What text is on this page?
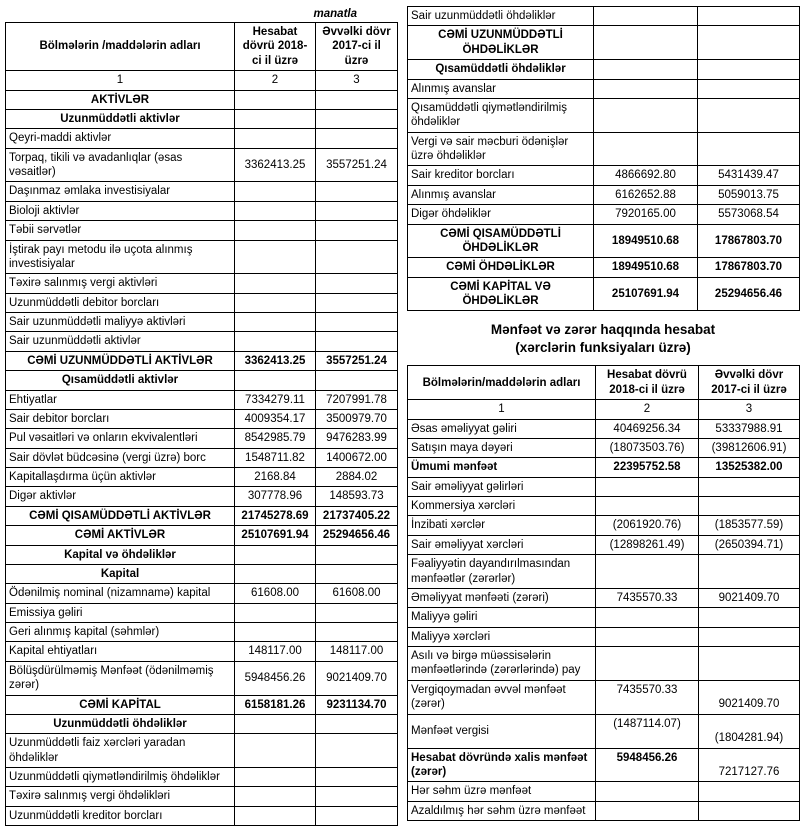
manatla
Bölmələrin /maddələrin adları	Hesabat dövrü 2018-ci il üzrə	Əvvəlki dövr 2017-ci il üzrə
1	2	3
AKTİVLƏR		
Uzunmüddətli aktivlər		
Qeyri-maddi aktivlər		
Torpaq, tikili və avadanlıqlar (əsas vəsaitlər)	3362413.25	3557251.24
Daşınmaz əmlaka investisiyalar		
Bioloji aktivlər		
Təbii sərvətlər		
İştirak payı metodu ilə uçota alınmış investisiyalar		
Təxirə salınmış vergi aktivləri		
Uzunmüddətli debitor borcları		
Sair uzunmüddətli maliyyə aktivləri		
Sair uzunmüddətli aktivlər		
CƏMİ UZUNMÜDDƏTLİ AKTİVLƏR	3362413.25	3557251.24
Qısamüddətli aktivlər		
Ehtiyatlar	7334279.11	7207991.78
Sair debitor borcları	4009354.17	3500979.70
Pul vəsaitləri və onların ekvivalentləri	8542985.79	9476283.99
Sair dövlət büdcəsinə (vergi üzrə) borc	1548711.82	1400672.00
Kapitallaşdırma üçün aktivlər	2168.84	2884.02
Digər aktivlər	307778.96	148593.73
CƏMİ QISAMÜDDƏTLİ AKTİVLƏR	21745278.69	21737405.22
CƏMİ AKTİVLƏR	25107691.94	25294656.46
Kapital və öhdəliklər		
Kapital		
Ödənilmiş nominal (nizamnamə) kapital	61608.00	61608.00
Emissiya gəliri		
Geri alınmış kapital (səhmlər)		
Kapital ehtiyatları	148117.00	148117.00
Bölüşdürülməmiş Mənfəət (ödənilməmiş zərər)	5948456.26	9021409.70
CƏMİ KAPİTAL	6158181.26	9231134.70
Uzunmüddətli öhdəliklər		
Uzunmüddətli faiz xərcləri yaradan öhdəliklər		
Uzunmüddətli qiymətləndirilmiş öhdəliklər		
Təxirə salınmış vergi öhdəlikləri		
Uzunmüddətli kreditor borcları		
Sair uzunmüddətli öhdəliklər		
CƏMİ UZUNMÜDDƏTLİ ÖHDƏLİKLƏR		
Qısamüddətli öhdəliklər		
Alınmış avanslar		
Qısamüddətli qiymətləndirilmiş öhdəliklər		
Vergi və sair məcburi ödənişlər üzrə öhdəliklər		
Sair kreditor borcları	4866692.80	5431439.47
Alınmış avanslar	6162652.88	5059013.75
Digər öhdəliklər	7920165.00	5573068.54
CƏMİ QISAMÜDDƏTLİ ÖHDƏLİKLƏR	18949510.68	17867803.70
CƏMİ ÖHDƏLİKLƏR	18949510.68	17867803.70
CƏMİ KAPİTAL VƏ ÖHDƏLİKLƏR	25107691.94	25294656.46
Mənfəət və zərər haqqında hesabat
(xərclərin funksiyaları üzrə)
Bölmələrin/maddələrin adları	Hesabat dövrü 2018-ci il üzrə	Əvvəlki dövr 2017-ci il üzrə
1	2	3
Əsas əməliyyat gəliri	40469256.34	53337988.91
Satışın maya dəyəri	(18073503.76)	(39812606.91)
Ümumi mənfəət	22395752.58	13525382.00
Sair əməliyyat gəlirləri		
Kommersiya xərcləri		
İnzibati xərclər	(2061920.76)	(1853577.59)
Sair əməliyyat xərcləri	(12898261.49)	(2650394.71)
Fəaliyyətin dayandırılmasından mənfəətlər (zərərlər)		
Əməliyyat mənfəəti (zərəri)	7435570.33	9021409.70
Maliyyə gəliri		
Maliyyə xərcləri		
Asılı və birgə müəssisələrin mənfəətlərində (zərərlərində) pay		
Vergiqoymadan əvvəl mənfəət (zərər)	7435570.33	9021409.70
Mənfəət vergisi	(1487114.07)	(1804281.94)
Hesabat dövründə xalis mənfəət (zərər)	5948456.26	7217127.76
Hər səhm üzrə mənfəət		
Azaldılmış hər səhm üzrə mənfəət		
